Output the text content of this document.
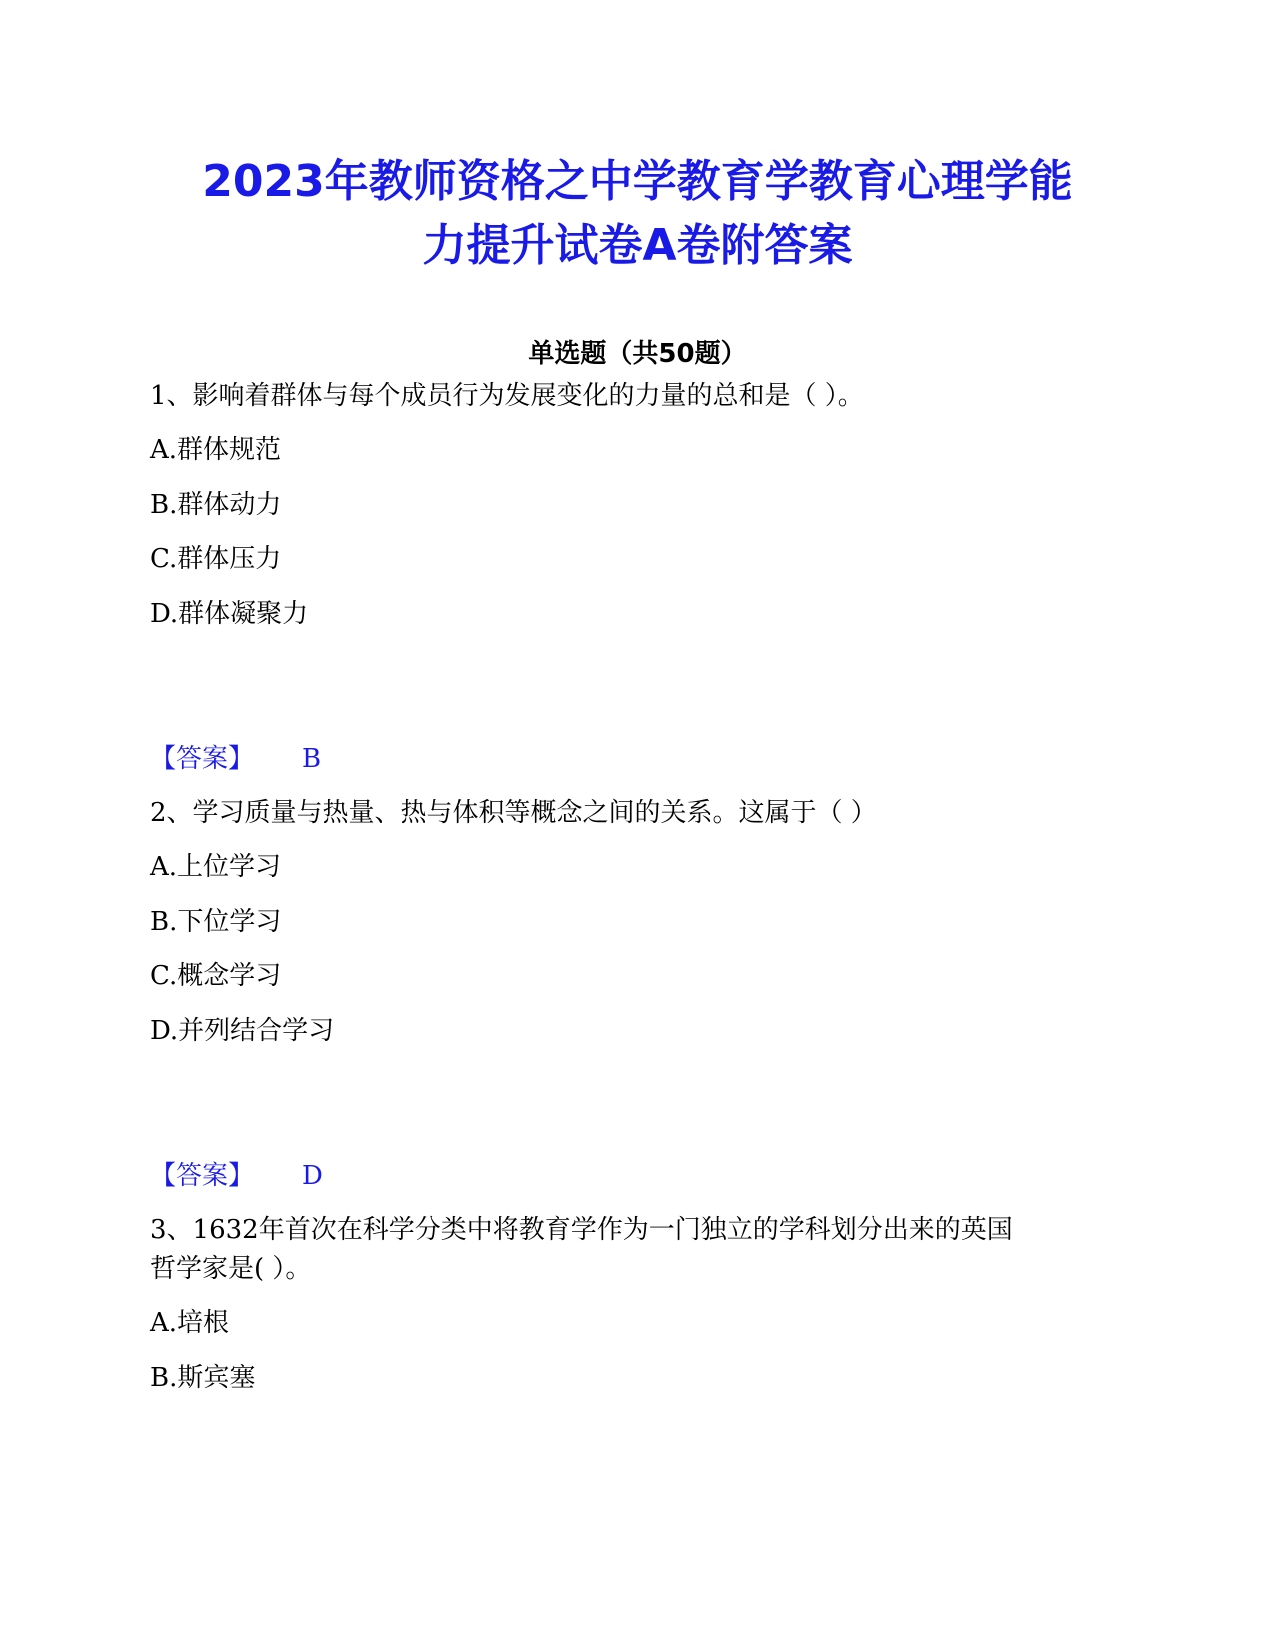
2023年教师资格之中学教育学教育心理学能
力提升试卷A卷附答案
单选题（共50题）
1、影响着群体与每个成员行为发展变化的力量的总和是（ ）。
A.群体规范
B.群体动力
C.群体压力
D.群体凝聚力
【答案】 B
2、学习质量与热量、热与体积等概念之间的关系。这属于（ ）
A.上位学习
B.下位学习
C.概念学习
D.并列结合学习
【答案】 D
3、1632年首次在科学分类中将教育学作为一门独立的学科划分出来的英国
哲学家是( ）。
A.培根
B.斯宾塞
